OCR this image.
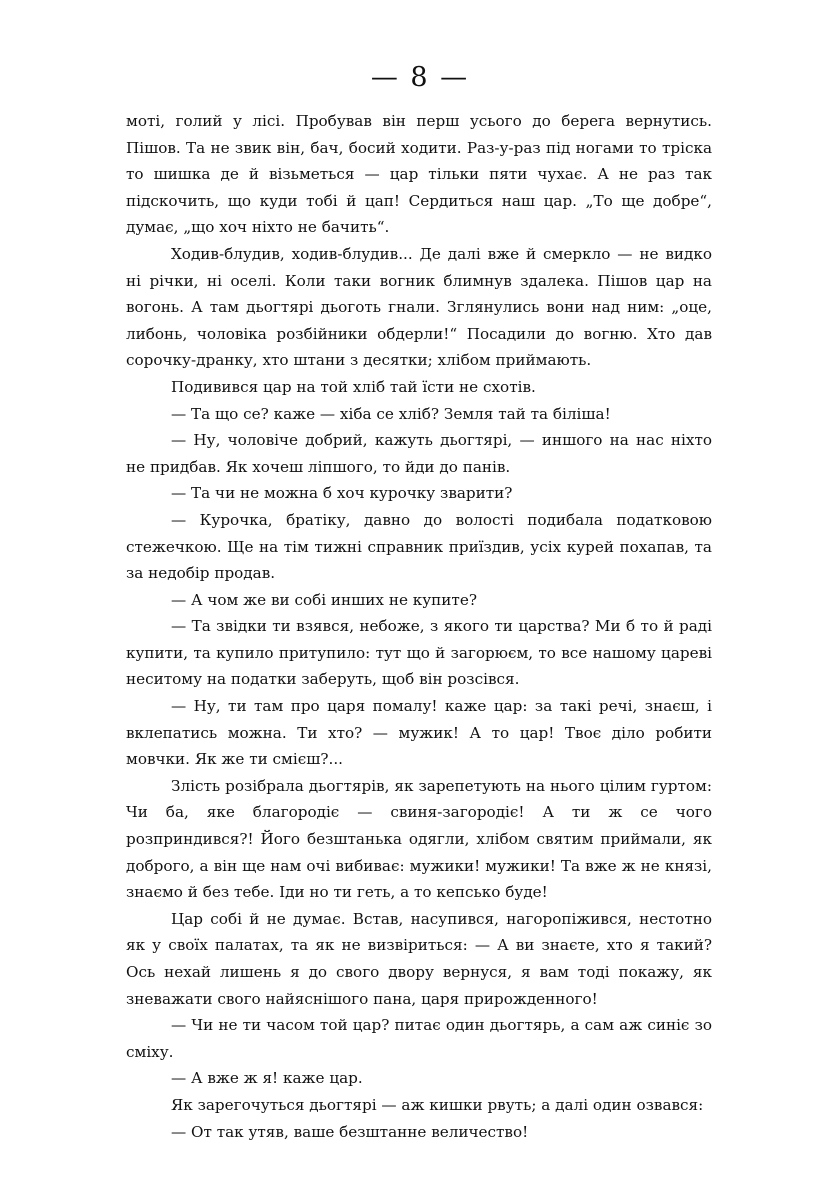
— 8 —

моті, голий у лісі. Пробував він перш усього до берега вернутись. Пішов. Та не звик він, бач, босий ходити. Раз-у-раз під ногами то тріска то шишка де й візьметься — цар тільки пяти чухає. А не раз так підскочить, що куди тобі й цап! Сердиться наш цар. „То ще добре“, думає, „що хоч ніхто не бачить“.

Ходив-блудив, ходив-блудив... Де далі вже й смеркло — не видко ні річки, ні оселі. Коли таки вогник блимнув здалека. Пішов цар на вогонь. А там дьогтярі дьоготь гнали. Зглянулись вони над ним: „оце, либонь, чоловіка розбійники обдерли!“ Посадили до вогню. Хто дав сорочку-дранку, хто штани з десятки; хлібом приймають.

Подивився цар на той хліб тай їсти не схотів.

— Та що се? каже — хіба се хліб? Земля тай та біліша!

— Ну, чоловіче добрий, кажуть дьогтярі, — иншого на нас ніхто не придбав. Як хочеш ліпшого, то йди до панів.

— Та чи не можна б хоч курочку зварити?

— Курочка, братіку, давно до волості подибала податковою стежечкою. Ще на тім тижні справник приїздив, усіх курей похапав, та за недобір продав.

— А чом же ви собі инших не купите?

— Та звідки ти взявся, небоже, з якого ти царства? Ми б то й раді купити, та купило притупило: тут що й загорюєм, то все нашому цареві неситому на податки заберуть, щоб він розсівся.

— Ну, ти там про царя помалу! каже цар: за такі речі, знаєш, і вклепатись можна. Ти хто? — мужик! А то цар! Твоє діло робити мовчки. Як же ти смієш?...

Злість розібрала дьогтярів, як зарепетують на нього цілим гуртом: Чи ба, яке благородіє — свиня-загородіє! А ти ж се чого розприндився?! Його безштанька одягли, хлібом святим приймали, як доброго, а він ще нам очі вибиває: мужики! мужики! Та вже ж не князі, знаємо й без тебе. Іди но ти геть, а то кепсько буде!

Цар собі й не думає. Встав, насупився, нагоропіжився, нестотно як у своїх палатах, та як не визвіриться: — А ви знаєте, хто я такий? Ось нехай лишень я до свого двору вернуся, я вам тоді покажу, як зневажати свого найяснішого пана, царя прирожденного!

— Чи не ти часом той цар? питає один дьогтярь, а сам аж синіє зо сміху.

— А вже ж я! каже цар.

Як зарегочуться дьогтярі — аж кишки рвуть; а далі один озвався:

— От так утяв, ваше безштанне величество!
